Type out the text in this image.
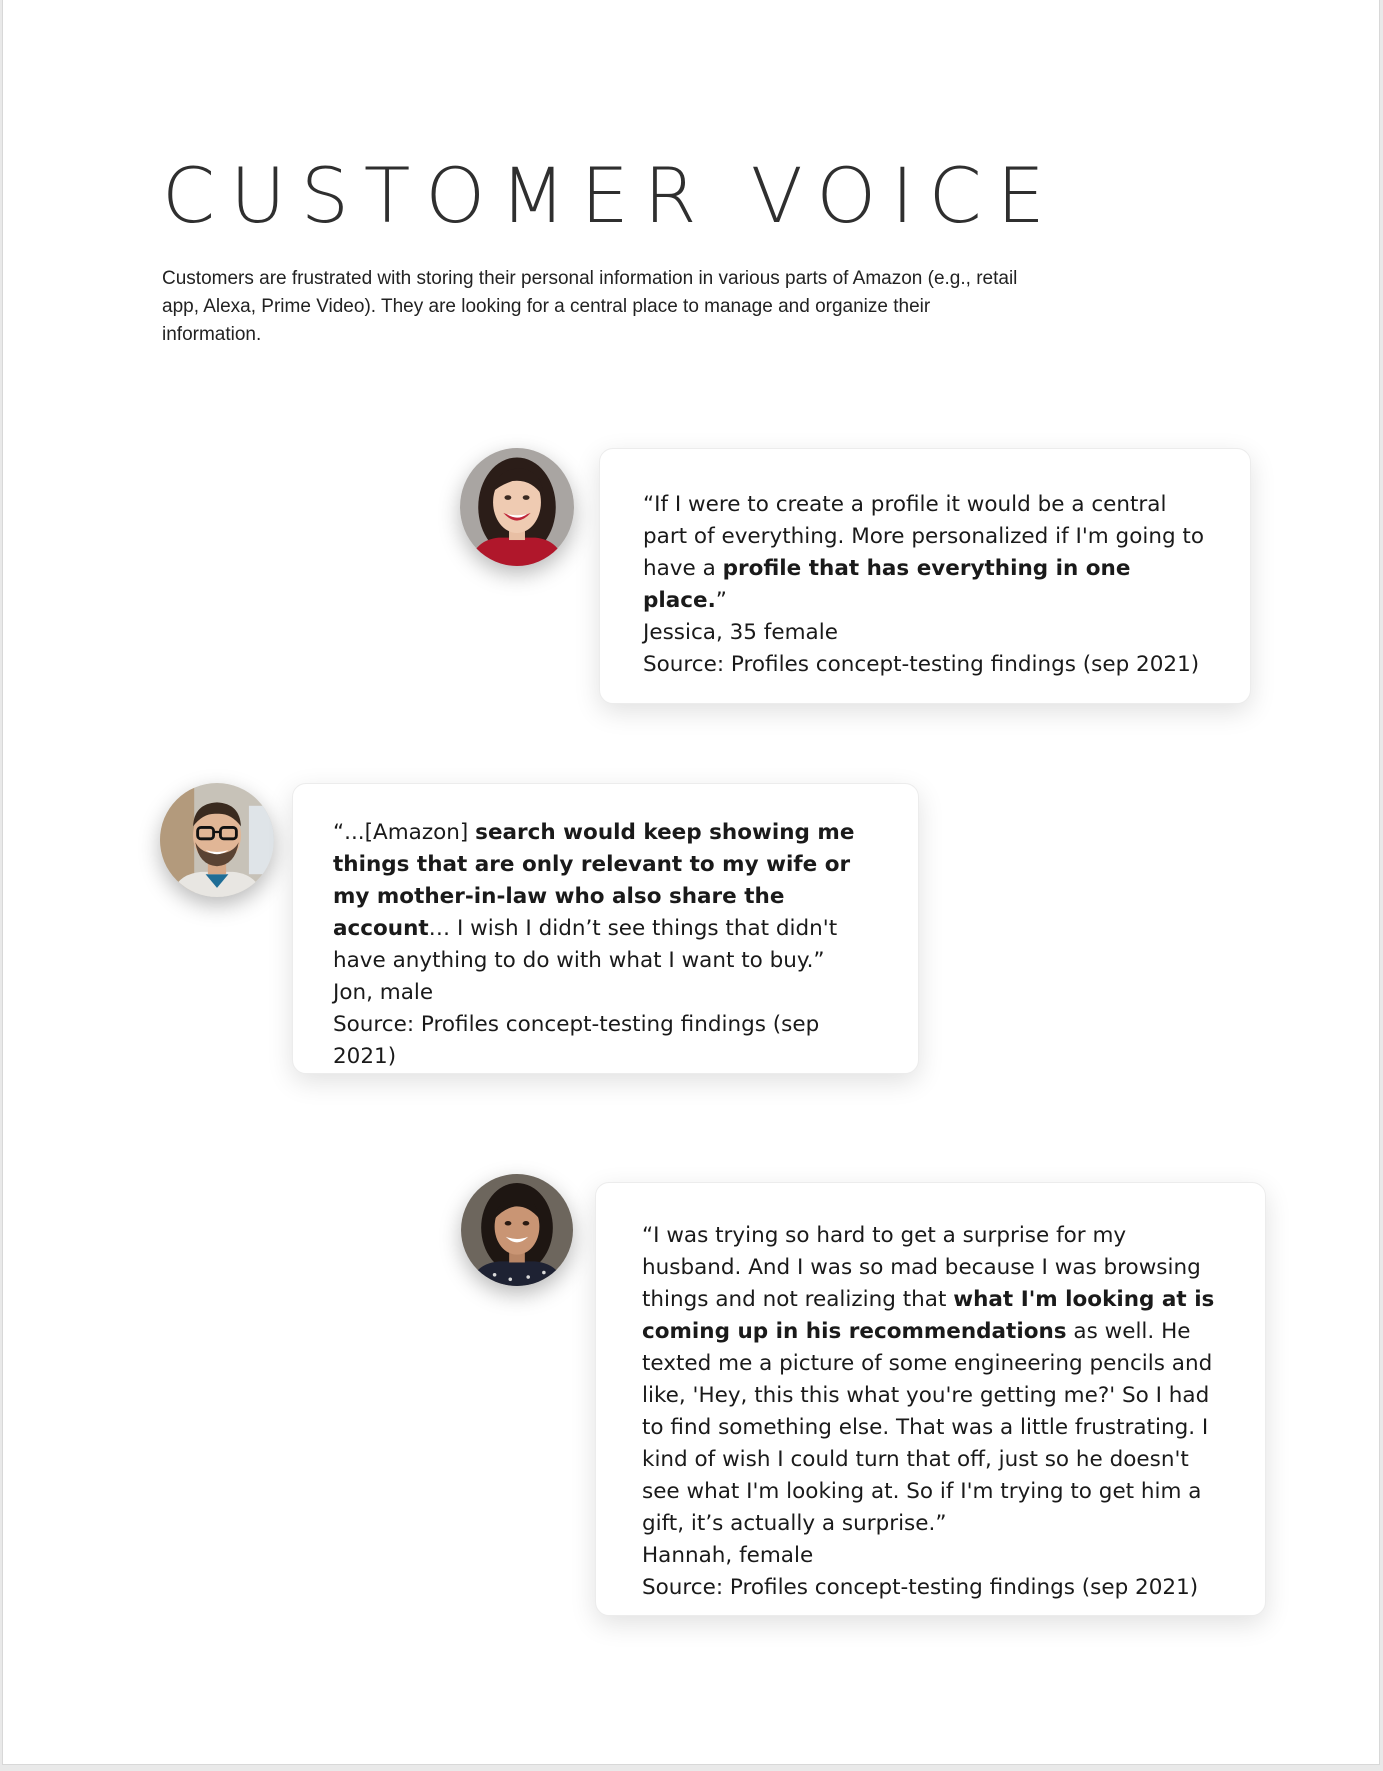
CUSTOMER VOICE

Customers are frustrated with storing their personal information in various parts of Amazon (e.g., retail app, Alexa, Prime Video). They are looking for a central place to manage and organize their information.

“If I were to create a profile it would be a central part of everything. More personalized if I'm going to have a profile that has everything in one place.”

Jessica, 35 female

Source: Profiles concept-testing findings (sep 2021)

“...[Amazon] search would keep showing me things that are only relevant to my wife or my mother-in-law who also share the account… I wish I didn’t see things that didn't have anything to do with what I want to buy.”

Jon, male

Source: Profiles concept-testing findings (sep 2021)

“I was trying so hard to get a surprise for my husband. And I was so mad because I was browsing things and not realizing that what I'm looking at is coming up in his recommendations as well. He texted me a picture of some engineering pencils and like, 'Hey, this this what you're getting me?' So I had to find something else. That was a little frustrating. I kind of wish I could turn that off, just so he doesn't see what I'm looking at. So if I'm trying to get him a gift, it’s actually a surprise.”

Hannah, female

Source: Profiles concept-testing findings (sep 2021)
